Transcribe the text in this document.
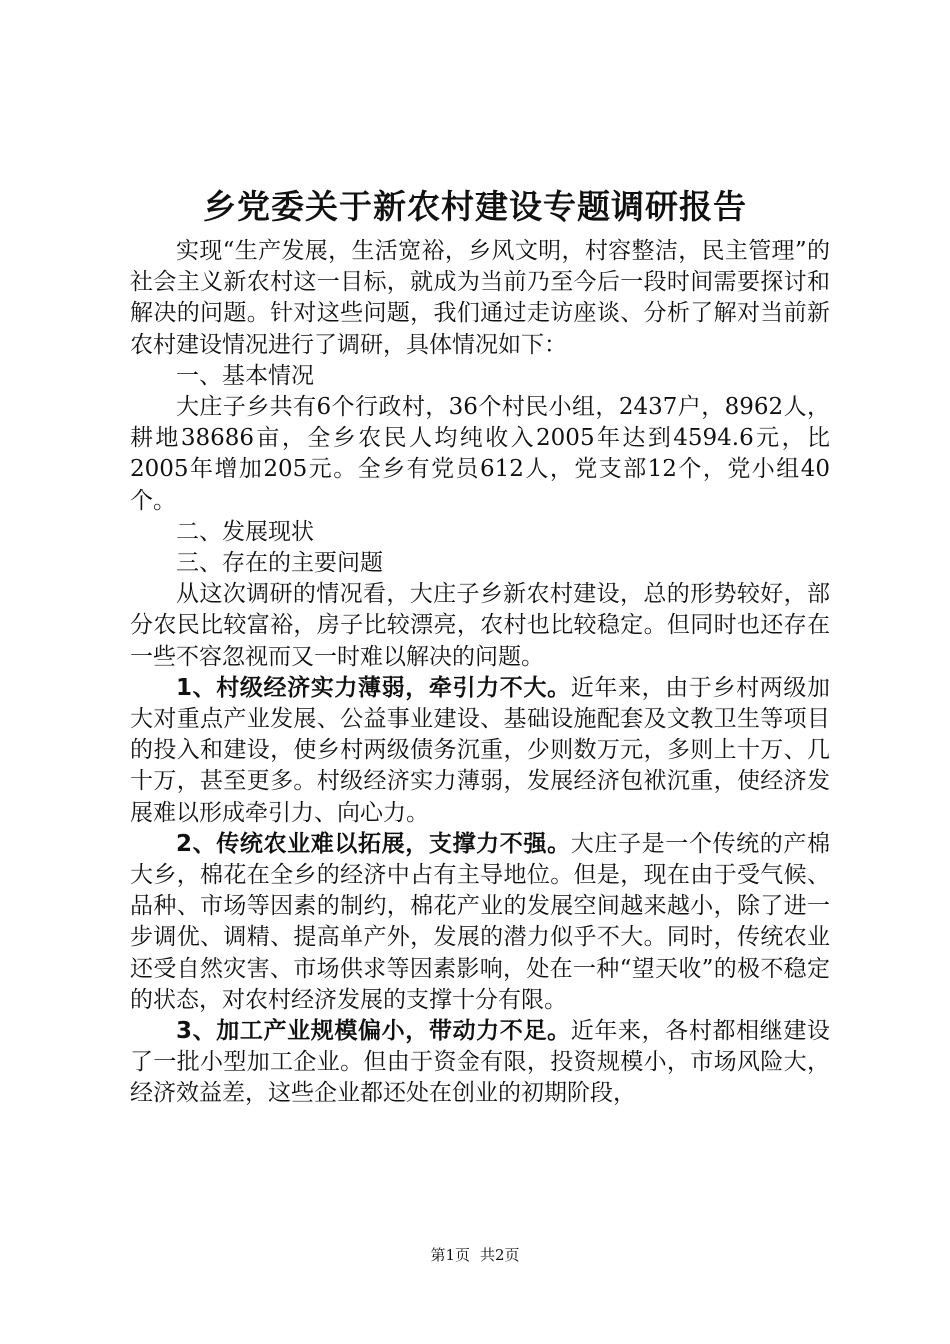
乡党委关于新农村建设专题调研报告

实现“生产发展，生活宽裕，乡风文明，村容整洁，民主管理”的社会主义新农村这一目标，就成为当前乃至今后一段时间需要探讨和解决的问题。针对这些问题，我们通过走访座谈、分析了解对当前新农村建设情况进行了调研，具体情况如下：

一、基本情况

大庄子乡共有6个行政村，36个村民小组，2437户，8962人，耕地38686亩，全乡农民人均纯收入2005年达到4594.6元，比2005年增加205元。全乡有党员612人，党支部12个，党小组40个。

二、发展现状

三、存在的主要问题

从这次调研的情况看，大庄子乡新农村建设，总的形势较好，部分农民比较富裕，房子比较漂亮，农村也比较稳定。但同时也还存在一些不容忽视而又一时难以解决的问题。

1、村级经济实力薄弱，牵引力不大。近年来，由于乡村两级加大对重点产业发展、公益事业建设、基础设施配套及文教卫生等项目的投入和建设，使乡村两级债务沉重，少则数万元，多则上十万、几十万，甚至更多。村级经济实力薄弱，发展经济包袱沉重，使经济发展难以形成牵引力、向心力。

2、传统农业难以拓展，支撑力不强。大庄子是一个传统的产棉大乡，棉花在全乡的经济中占有主导地位。但是，现在由于受气候、品种、市场等因素的制约，棉花产业的发展空间越来越小，除了进一步调优、调精、提高单产外，发展的潜力似乎不大。同时，传统农业还受自然灾害、市场供求等因素影响，处在一种“望天收”的极不稳定的状态，对农村经济发展的支撑十分有限。

3、加工产业规模偏小，带动力不足。近年来，各村都相继建设了一批小型加工企业。但由于资金有限，投资规模小，市场风险大，经济效益差，这些企业都还处在创业的初期阶段，

第1页 共2页
